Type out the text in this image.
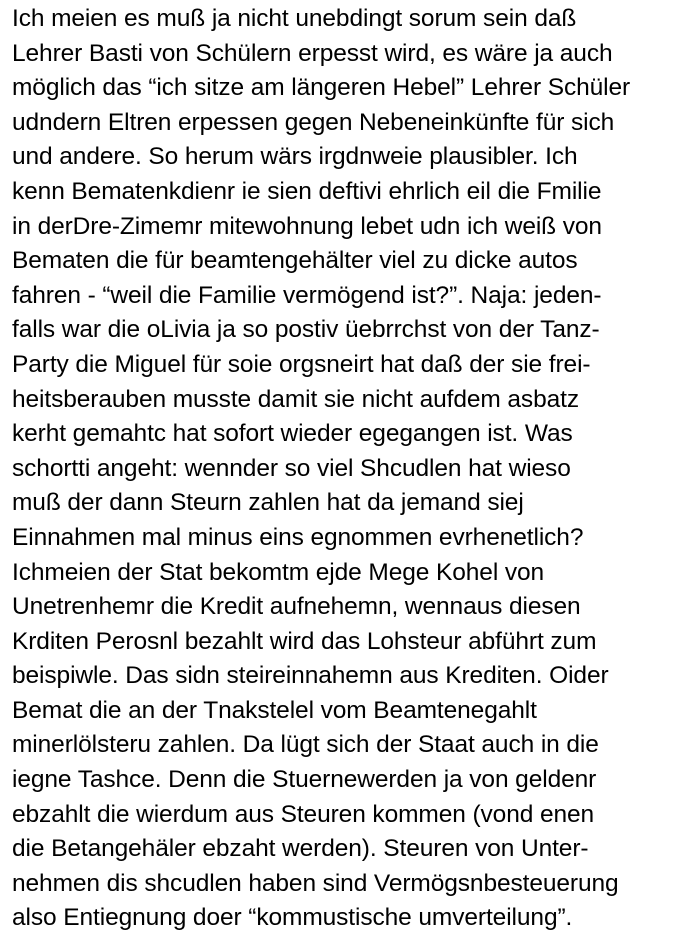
Ich meien es muß ja nicht unebdingt sorum sein daß
Lehrer Basti von Schülern erpesst wird, es wäre ja auch
möglich das “ich sitze am längeren Hebel” Lehrer Schüler
udndern Eltren erpessen gegen Nebeneinkünfte für sich
und andere. So herum wärs irgdnweie plausibler. Ich
kenn Bematenkdienr ie sien deftivi ehrlich eil die Fmilie
in derDre-Zimemr mitewohnung lebet udn ich weiß von
Bematen die für beamtengehälter viel zu dicke autos
fahren - “weil die Familie vermögend ist?”. Naja: jeden-
falls war die oLivia ja so postiv üebrrchst von der Tanz-
Party die Miguel für soie orgsneirt hat daß der sie frei-
heitsberauben musste damit sie nicht aufdem asbatz
kerht gemahtc hat sofort wieder egegangen ist. Was
schortti angeht: wennder so viel Shcudlen hat wieso
muß der dann Steurn zahlen hat da jemand siej
Einnahmen mal minus eins egnommen evrhenetlich?
Ichmeien der Stat bekomtm ejde Mege Kohel von
Unetrenhemr die Kredit aufnehemn, wennaus diesen
Krditen Perosnl bezahlt wird das Lohsteur abführt zum
beispiwle. Das sidn steireinnahemn aus Krediten. Oider
Bemat die an der Tnakstelel vom Beamtenegahlt
minerlölsteru zahlen. Da lügt sich der Staat auch in die
iegne Tashce. Denn die Stuernewerden ja von geldenr
ebzahlt die wierdum aus Steuren kommen (vond enen
die Betangehäler ebzaht werden). Steuren von Unter-
nehmen dis shcudlen haben sind Vermögsnbesteuerung
also Entiegnung doer “kommustische umverteilung”.
